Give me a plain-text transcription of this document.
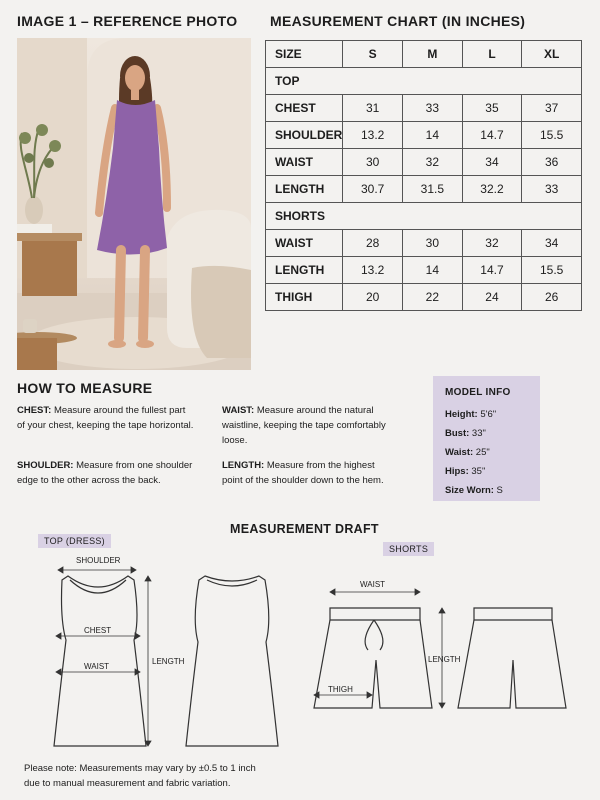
IMAGE 1 – REFERENCE PHOTO MEASUREMENT CHART (IN INCHES)
SIZE	S	M	L	XL
TOP				
CHEST	31	33	35	37
SHOULDER	13.2	14	14.7	15.5
WAIST	30	32	34	36
LENGTH	30.7	31.5	32.2	33
SHORTS				
WAIST	28	30	32	34
LENGTH	13.2	14	14.7	15.5
THIGH	20	22	24	26
HOW TO MEASURE
CHEST: Measure around the fullest part of your chest, keeping the tape horizontal.
SHOULDER: Measure from one shoulder edge to the other across the back.
WAIST: Measure around the natural waistline, keeping the tape comfortably loose.
LENGTH: Measure from the highest point of the shoulder down to the hem.
MODEL INFO
Height: 5'6"
Bust: 33"
Waist: 25"
Hips: 35"
Size Worn: S
MEASUREMENT DRAFT
TOP (DRESS)
SHORTS
SHOULDER
CHEST
WAIST
LENGTH
WAIST
LENGTH
THIGH
Please note: Measurements may vary by ±0.5 to 1 inch
due to manual measurement and fabric variation.
